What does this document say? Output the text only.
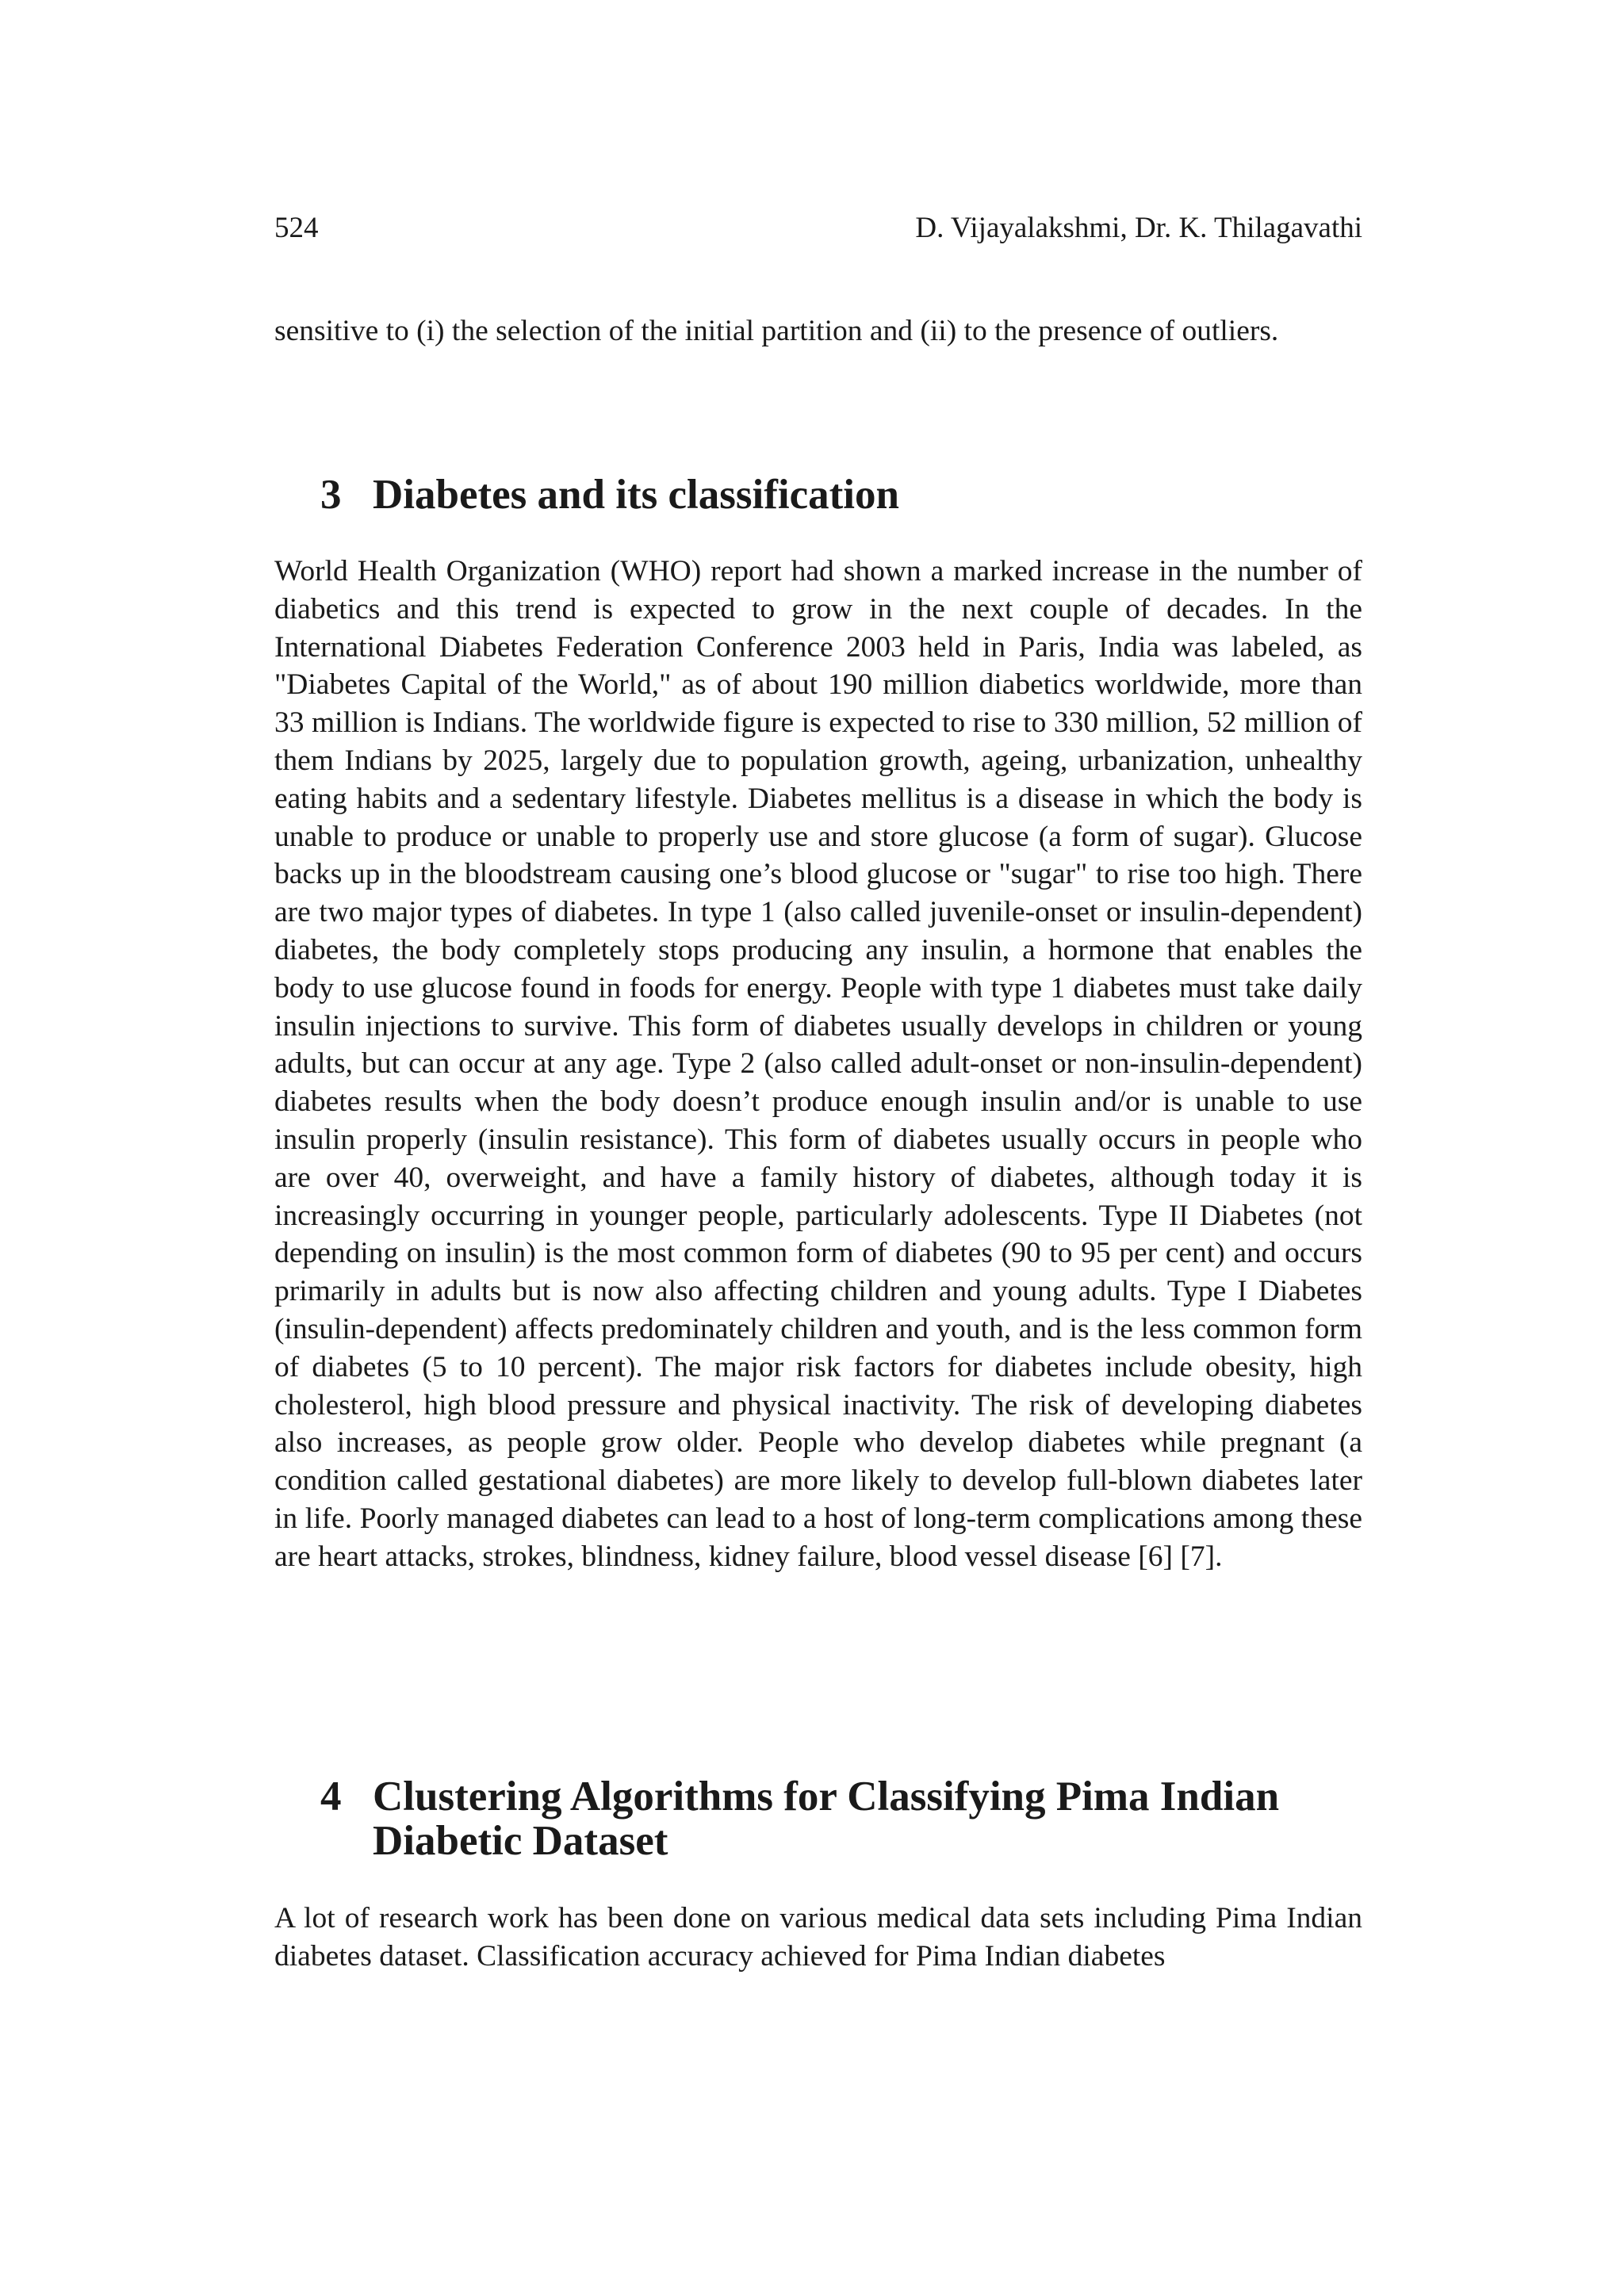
524	D. Vijayalakshmi, Dr. K. Thilagavathi

sensitive to (i) the selection of the initial partition and (ii) to the presence of outliers.

3 Diabetes and its classification

World Health Organization (WHO) report had shown a marked increase in the number of diabetics and this trend is expected to grow in the next couple of decades. In the International Diabetes Federation Conference 2003 held in Paris, India was labeled, as "Diabetes Capital of the World," as of about 190 million diabetics worldwide, more than 33 million is Indians. The worldwide figure is expected to rise to 330 million, 52 million of them Indians by 2025, largely due to population growth, ageing, urbanization, unhealthy eating habits and a sedentary lifestyle. Diabetes mellitus is a disease in which the body is unable to produce or unable to properly use and store glucose (a form of sugar). Glucose backs up in the bloodstream causing one’s blood glucose or "sugar" to rise too high. There are two major types of diabetes. In type 1 (also called juvenile-onset or insulin-dependent) diabetes, the body completely stops producing any insulin, a hormone that enables the body to use glucose found in foods for energy. People with type 1 diabetes must take daily insulin injections to survive. This form of diabetes usually develops in children or young adults, but can occur at any age. Type 2 (also called adult-onset or non-insulin-dependent) diabetes results when the body doesn’t produce enough insulin and/or is unable to use insulin properly (insulin resistance). This form of diabetes usually occurs in people who are over 40, overweight, and have a family history of diabetes, although today it is increasingly occurring in younger people, particularly adolescents. Type II Diabetes (not depending on insulin) is the most common form of diabetes (90 to 95 per cent) and occurs primarily in adults but is now also affecting children and young adults. Type I Diabetes (insulin-dependent) affects predominately children and youth, and is the less common form of diabetes (5 to 10 percent). The major risk factors for diabetes include obesity, high cholesterol, high blood pressure and physical inactivity. The risk of developing diabetes also increases, as people grow older. People who develop diabetes while pregnant (a condition called gestational diabetes) are more likely to develop full-blown diabetes later in life. Poorly managed diabetes can lead to a host of long-term complications among these are heart attacks, strokes, blindness, kidney failure, blood vessel disease [6] [7].

4 Clustering Algorithms for Classifying Pima Indian Diabetic Dataset

A lot of research work has been done on various medical data sets including Pima Indian diabetes dataset. Classification accuracy achieved for Pima Indian diabetes
